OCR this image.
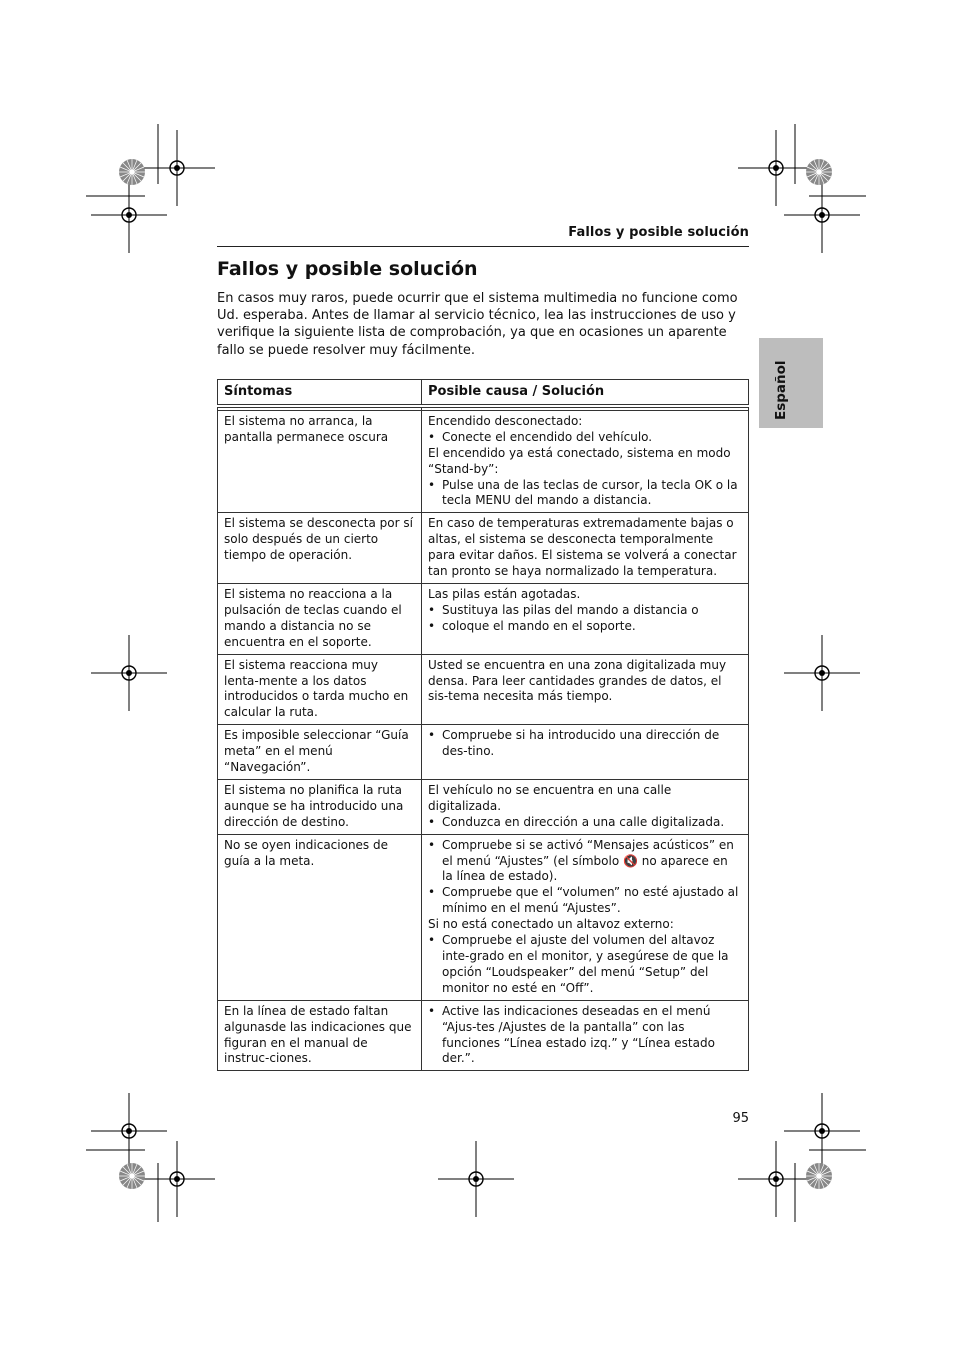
Fallos y posible solución
Fallos y posible solución

En casos muy raros, puede ocurrir que el sistema multimedia no funcione como Ud. esperaba. Antes de llamar al servicio técnico, lea las instrucciones de uso y verifique la siguiente lista de comprobación, ya que en ocasiones un aparente fallo se puede resolver muy fácilmente.

Español
Síntomas	Posible causa / Solución

El sistema no arranca, la pantalla permanece oscura	Encendido desconectado:
• Conecte el encendido del vehículo.
El encendido ya está conectado, sistema en modo “Stand-by”:
• Pulse una de las teclas de cursor, la tecla OK o la tecla MENU del mando a distancia.

El sistema se desconecta por sí solo después de un cierto tiempo de operación.	En caso de temperaturas extremadamente bajas o altas, el sistema se desconecta temporalmente para evitar daños. El sistema se volverá a conectar tan pronto se haya normalizado la temperatura.

El sistema no reacciona a la pulsación de teclas cuando el mando a distancia no se encuentra en el soporte.	Las pilas están agotadas.
• Sustituya las pilas del mando a distancia o
• coloque el mando en el soporte.

El sistema reacciona muy lenta-mente a los datos introducidos o tarda mucho en calcular la ruta.	Usted se encuentra en una zona digitalizada muy densa. Para leer cantidades grandes de datos, el sis-tema necesita más tiempo.

Es imposible seleccionar “Guía meta” en el menú “Navegación”.	• Compruebe si ha introducido una dirección de des-tino.

El sistema no planifica la ruta aunque se ha introducido una dirección de destino.	El vehículo no se encuentra en una calle digitalizada.
• Conduzca en dirección a una calle digitalizada.

No se oyen indicaciones de guía a la meta.	• Compruebe si se activó “Mensajes acústicos” en el menú “Ajustes” (el símbolo 🔇 no aparece en la línea de estado).
• Compruebe que el “volumen” no esté ajustado al mínimo en el menú “Ajustes”.
Si no está conectado un altavoz externo:
• Compruebe el ajuste del volumen del altavoz inte-grado en el monitor, y asegúrese de que la opción “Loudspeaker” del menú “Setup” del monitor no esté en “Off”.

En la línea de estado faltan algunasde las indicaciones que figuran en el manual de instruc-ciones.	• Active las indicaciones deseadas en el menú “Ajus-tes /Ajustes de la pantalla” con las funciones “Línea estado izq.” y “Línea estado der.”.
95
